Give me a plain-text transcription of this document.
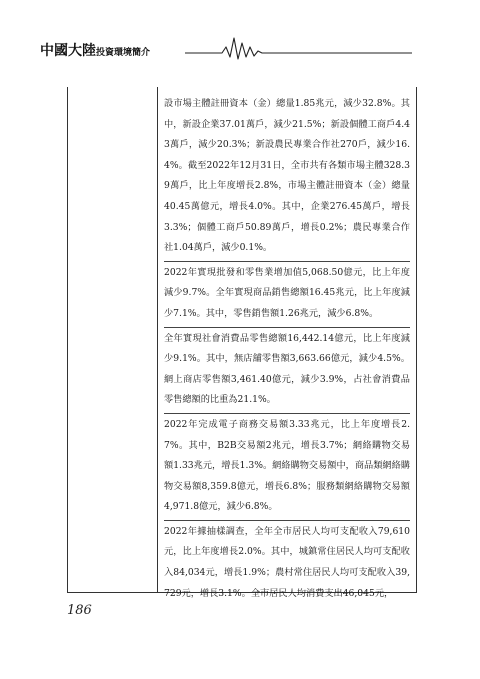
中國大陸投資環境簡介
設市場主體註冊資本（金）總量1.85兆元，減少32.8%。其中，新設企業37.01萬戶，減少21.5%；新設個體工商戶4.43萬戶，減少20.3%；新設農民專業合作社270戶，減少16.4%。截至2022年12月31日，全市共有各類市場主體328.39萬戶，比上年度增長2.8%，市場主體註冊資本（金）總量40.45萬億元，增長4.0%。其中，企業276.45萬戶，增長3.3%；個體工商戶50.89萬戶，增長0.2%；農民專業合作社1.04萬戶，減少0.1%。
2022年實現批發和零售業增加值5,068.50億元，比上年度減少9.7%。全年實現商品銷售總額16.45兆元，比上年度減少7.1%。其中，零售銷售額1.26兆元，減少6.8%。
全年實現社會消費品零售總額16,442.14億元，比上年度減少9.1%。其中，無店舖零售額3,663.66億元，減少4.5%。網上商店零售額3,461.40億元，減少3.9%，占社會消費品零售總額的比重為21.1%。
2022年完成電子商務交易額3.33兆元，比上年度增長2.7%。其中，B2B交易額2兆元，增長3.7%；網絡購物交易額1.33兆元，增長1.3%。網絡購物交易額中，商品類網絡購物交易額8,359.8億元，增長6.8%；服務類網絡購物交易額4,971.8億元，減少6.8%。
2022年據抽樣調查，全年全市居民人均可支配收入79,610元，比上年度增長2.0%。其中，城鎮常住居民人均可支配收入84,034元，增長1.9%；農村常住居民人均可支配收入39,729元，增長3.1%。全市居民人均消費支出46,045元，
186
